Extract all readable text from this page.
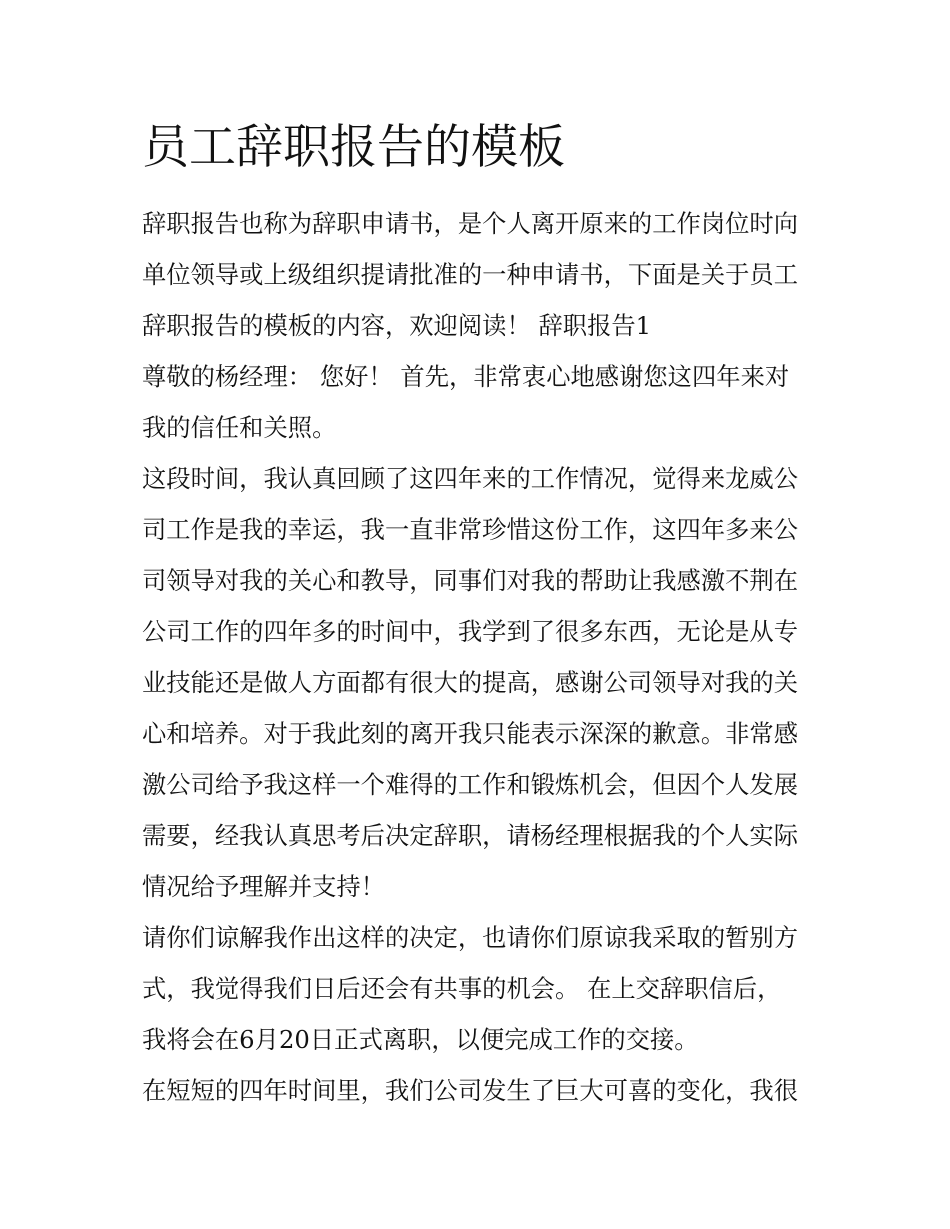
员工辞职报告的模板

辞职报告也称为辞职申请书，是个人离开原来的工作岗位时向

单位领导或上级组织提请批准的一种申请书，下面是关于员工

辞职报告的模板的内容，欢迎阅读！ 辞职报告1

尊敬的杨经理： 您好！ 首先，非常衷心地感谢您这四年来对

我的信任和关照。

这段时间，我认真回顾了这四年来的工作情况，觉得来龙威公

司工作是我的幸运，我一直非常珍惜这份工作，这四年多来公

司领导对我的关心和教导，同事们对我的帮助让我感激不荆在

公司工作的四年多的时间中，我学到了很多东西，无论是从专

业技能还是做人方面都有很大的提高，感谢公司领导对我的关

心和培养。对于我此刻的离开我只能表示深深的歉意。非常感

激公司给予我这样一个难得的工作和锻炼机会，但因个人发展

需要，经我认真思考后决定辞职，请杨经理根据我的个人实际

情况给予理解并支持！

请你们谅解我作出这样的决定，也请你们原谅我采取的暂别方

式，我觉得我们日后还会有共事的机会。 在上交辞职信后，

我将会在6月20日正式离职，以便完成工作的交接。

在短短的四年时间里，我们公司发生了巨大可喜的变化，我很
